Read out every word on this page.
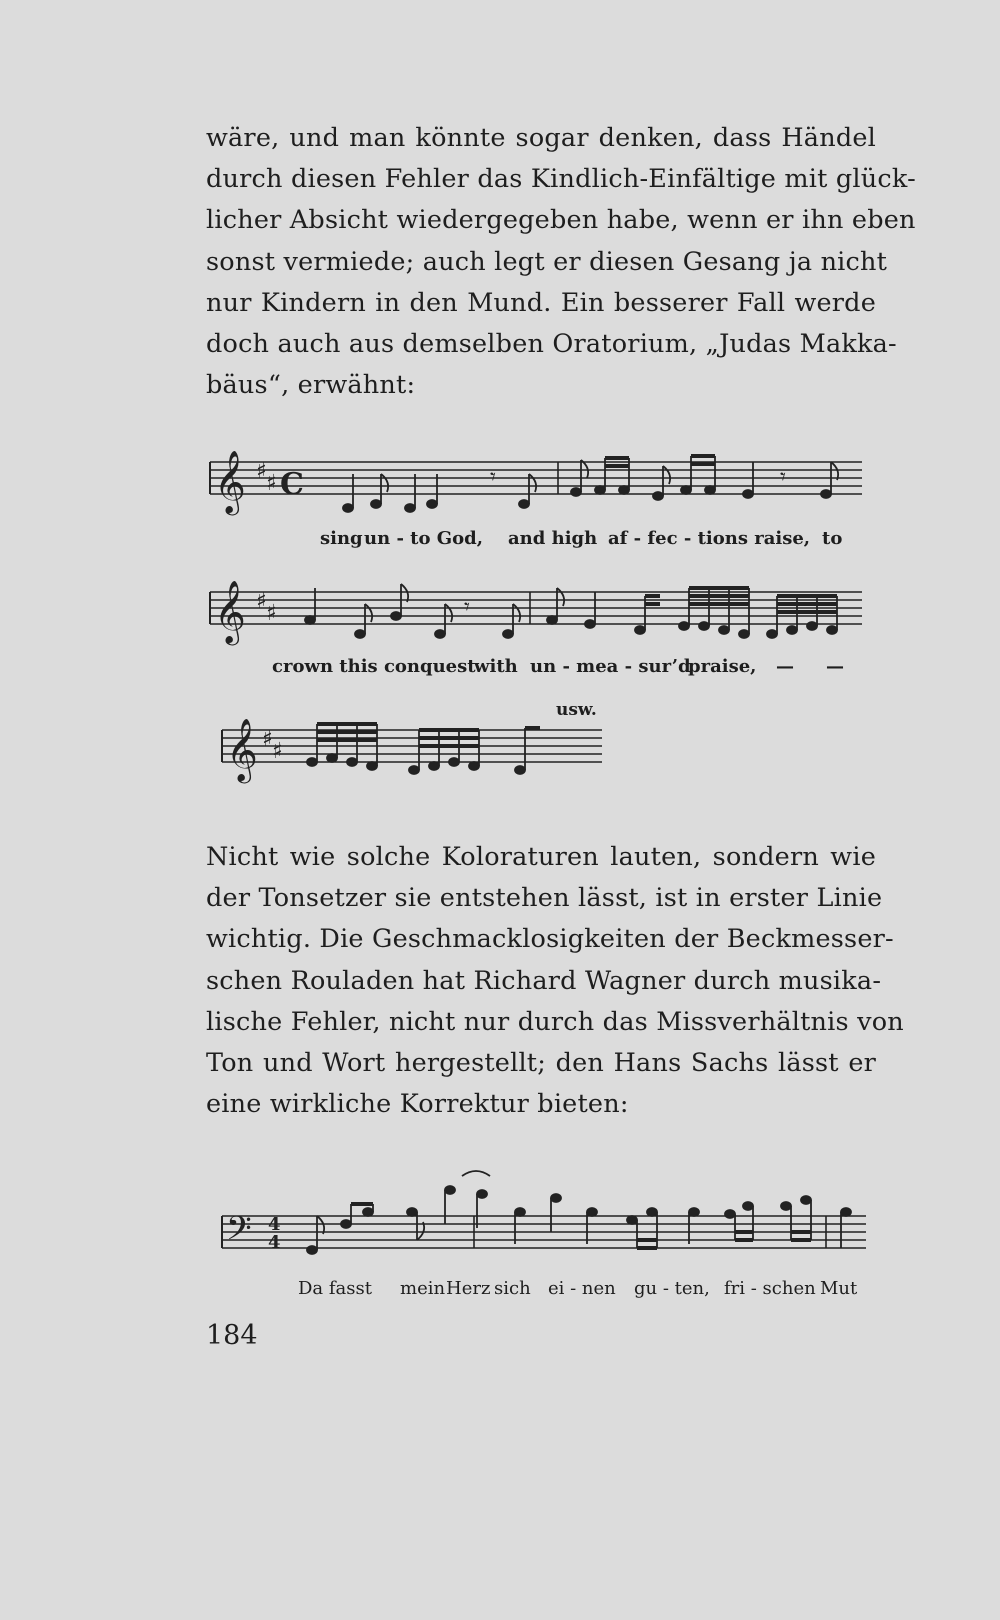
wäre, und man könnte sogar denken, dass Händel
durch diesen Fehler das Kindlich-Einfältige mit glück-
licher Absicht wiedergegeben habe, wenn er ihn eben
sonst vermiede; auch legt er diesen Gesang ja nicht
nur Kindern in den Mund. Ein besserer Fall werde
doch auch aus demselben Oratorium, „Judas Makka-
bäus“, erwähnt:
𝄞 ♯ ♯ C
𝄞 ♯ ♯
𝄞 ♯ ♯
𝄾	𝄾
𝄾
sing un - to God, and high af - fec - tions raise, to
crown this conquest
with un - mea - sur’d
praise, — —
usw.
Nicht wie solche Koloraturen lauten, sondern wie
der Tonsetzer sie entstehen lässt, ist in erster Linie
wichtig. Die Geschmacklosigkeiten der Beckmesser-
schen Rouladen hat Richard Wagner durch musika-
lische Fehler, nicht nur durch das Missverhältnis von
Ton und Wort hergestellt; den Hans Sachs lässt er
eine wirkliche Korrektur bieten:
𝄢 4
4
Da fasst mein Herz sich ei - nen gu - ten, fri - schen Mut
184
